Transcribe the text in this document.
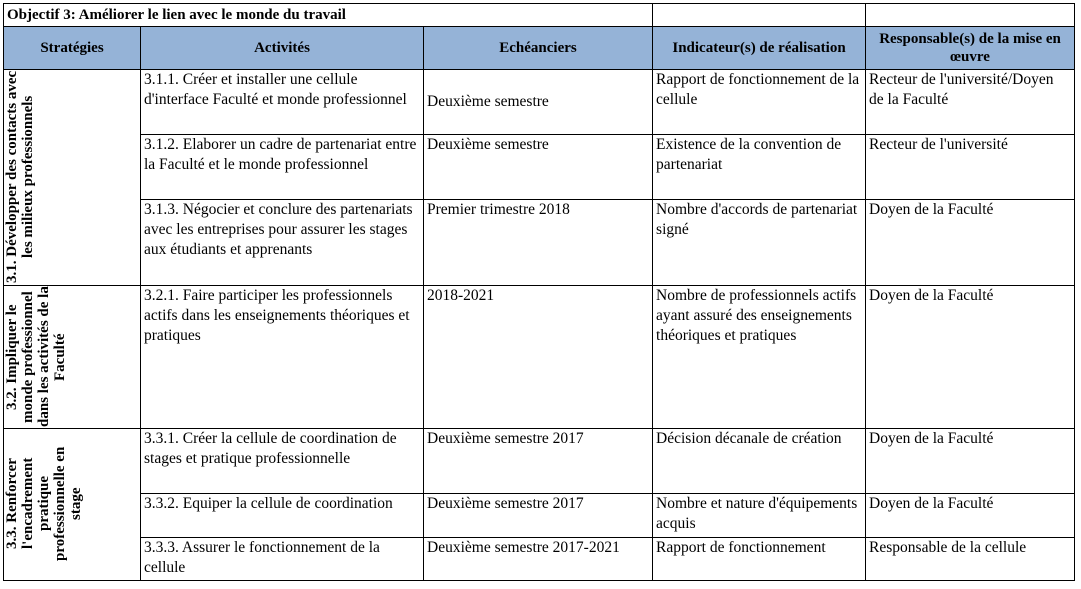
Objectif 3: Améliorer le lien avec le monde du travail				
Stratégies	Activités	Echéanciers	Indicateur(s) de réalisation	Responsable(s) de la mise en œuvre

3.1. Développer des contacts avec les milieux professionnels	3.1.1. Créer et installer une cellule d'interface Faculté et monde professionnel	Deuxième semestre	Rapport de fonctionnement de la cellule	Recteur de l'université/Doyen de la Faculté
	3.1.2. Elaborer un cadre de partenariat entre la Faculté et le monde professionnel	Deuxième semestre	Existence de la convention de partenariat	Recteur de l'université
	3.1.3. Négocier et conclure des partenariats avec les entreprises pour assurer les stages aux étudiants et apprenants	Premier trimestre 2018	Nombre d'accords de partenariat signé	Doyen de la Faculté

3.2. Impliquer le monde professionnel dans les activités de la Faculté	3.2.1. Faire participer les professionnels actifs dans les enseignements théoriques et pratiques	2018-2021	Nombre de professionnels actifs ayant assuré des enseignements théoriques et pratiques	Doyen de la Faculté

3.3. Renforcer l'encadrement pratique professionnelle en stage	3.3.1. Créer la cellule de coordination de stages et pratique professionnelle	Deuxième semestre 2017	Décision décanale de création	Doyen de la Faculté
	3.3.2. Equiper la cellule de coordination	Deuxième semestre 2017	Nombre et nature d'équipements acquis	Doyen de la Faculté
	3.3.3. Assurer le fonctionnement de la cellule	Deuxième semestre 2017-2021	Rapport de fonctionnement	Responsable de la cellule
